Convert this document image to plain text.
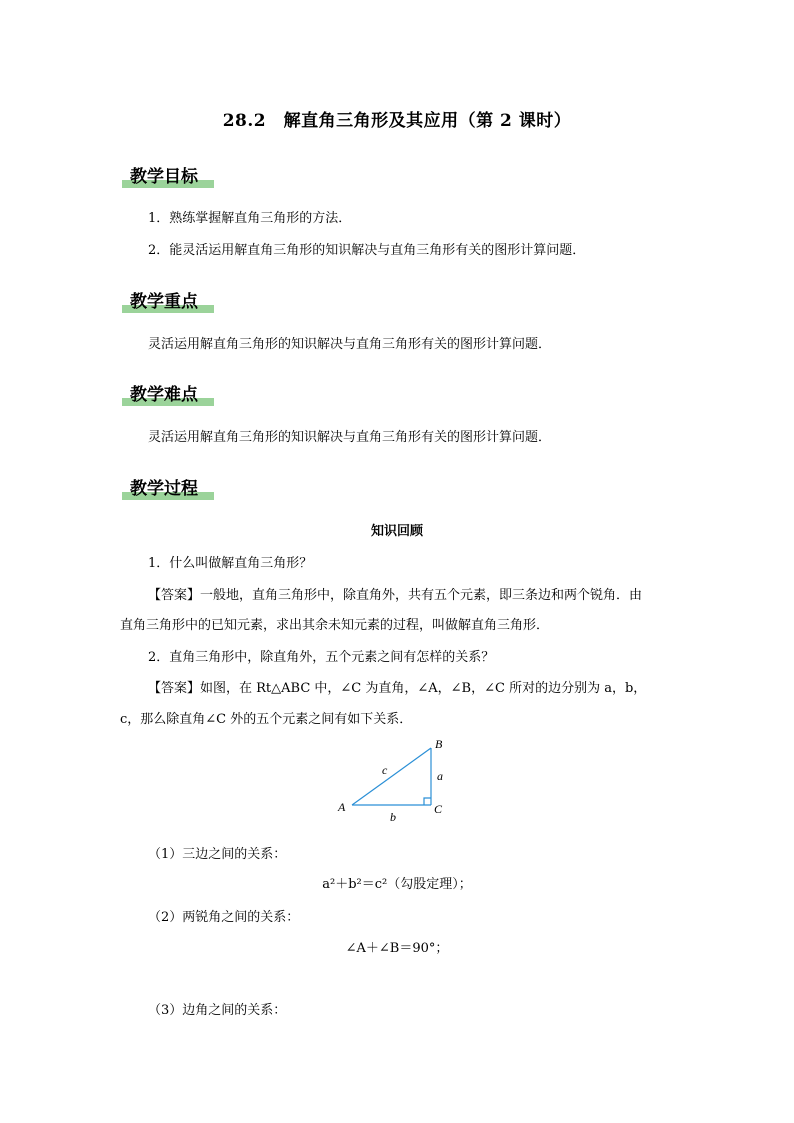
28.2　解直角三角形及其应用（第 2 课时）
教学目标
1．熟练掌握解直角三角形的方法．
2．能灵活运用解直角三角形的知识解决与直角三角形有关的图形计算问题．
教学重点
灵活运用解直角三角形的知识解决与直角三角形有关的图形计算问题．
教学难点
灵活运用解直角三角形的知识解决与直角三角形有关的图形计算问题．
教学过程
知识回顾
1．什么叫做解直角三角形？
【答案】一般地，直角三角形中，除直角外，共有五个元素，即三条边和两个锐角．由
直角三角形中的已知元素，求出其余未知元素的过程，叫做解直角三角形．
2．直角三角形中，除直角外，五个元素之间有怎样的关系？
【答案】如图，在 Rt△ABC 中，∠C 为直角，∠A，∠B，∠C 所对的边分别为 a，b，
c，那么除直角∠C 外的五个元素之间有如下关系．
A
B
C
a
b
c
（1）三边之间的关系：
a²＋b²＝c²（勾股定理）；
（2）两锐角之间的关系：
∠A＋∠B＝90°；
（3）边角之间的关系：
